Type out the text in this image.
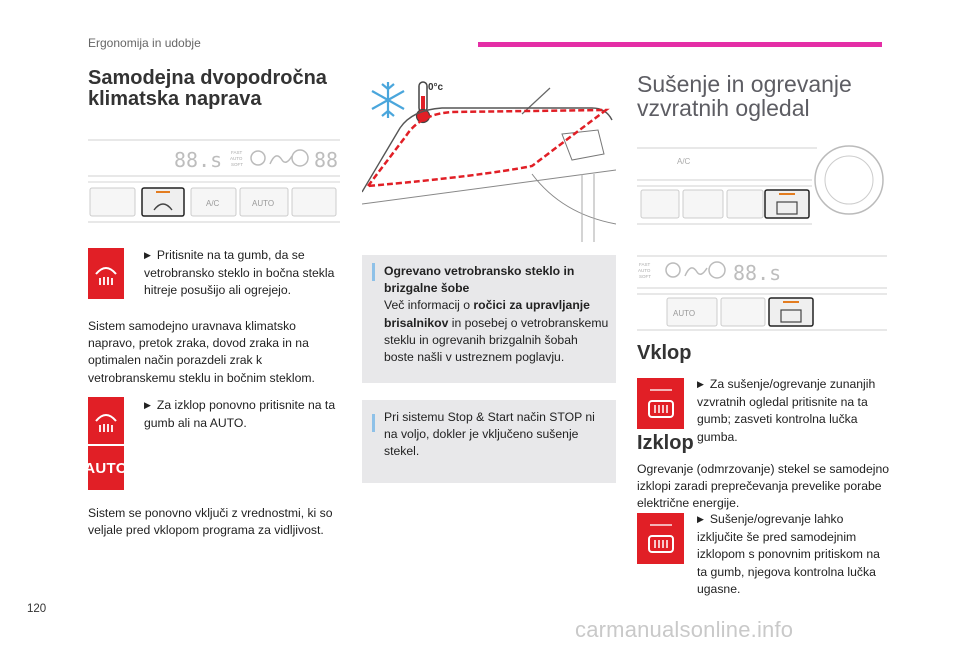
Ergonomija in udobje
Samodejna dvopodročna klimatska naprava
88.s FAST
AUTO
SOFT	88
A/C	AUTO
▶ Pritisnite na ta gumb, da se vetrobransko steklo in bočna stekla hitreje posušijo ali ogrejejo.
Sistem samodejno uravnava klimatsko napravo, pretok zraka, dovod zraka in na optimalen način porazdeli zrak k vetrobranskemu steklu in bočnim steklom.
AUTO
▶ Za izklop ponovno pritisnite na ta gumb ali na AUTO.
Sistem se ponovno vključi z vrednostmi, ki so veljale pred vklopom programa za vidljivost.
0°c
Ogrevano vetrobransko steklo in brizgalne šobe
Več informacij o ročici za upravljanje brisalnikov in posebej o vetrobranskemu steklu in ogrevanih brizgalnih šobah boste našli v ustreznem poglavju.
Pri sistemu Stop & Start način STOP ni na voljo, dokler je vključeno sušenje stekel.
Sušenje in ogrevanje vzvratnih ogledal
A/C
FAST
AUTO
SOFT	88.s
AUTO
Vklop
▶ Za sušenje/ogrevanje zunanjih vzvratnih ogledal pritisnite na ta gumb; zasveti kontrolna lučka gumba.
Izklop
Ogrevanje (odmrzovanje) stekel se samodejno izklopi zaradi preprečevanja prevelike porabe električne energije.
▶ Sušenje/ogrevanje lahko izključite še pred samodejnim izklopom s ponovnim pritiskom na ta gumb, njegova kontrolna lučka ugasne.
120
carmanualsonline.info
